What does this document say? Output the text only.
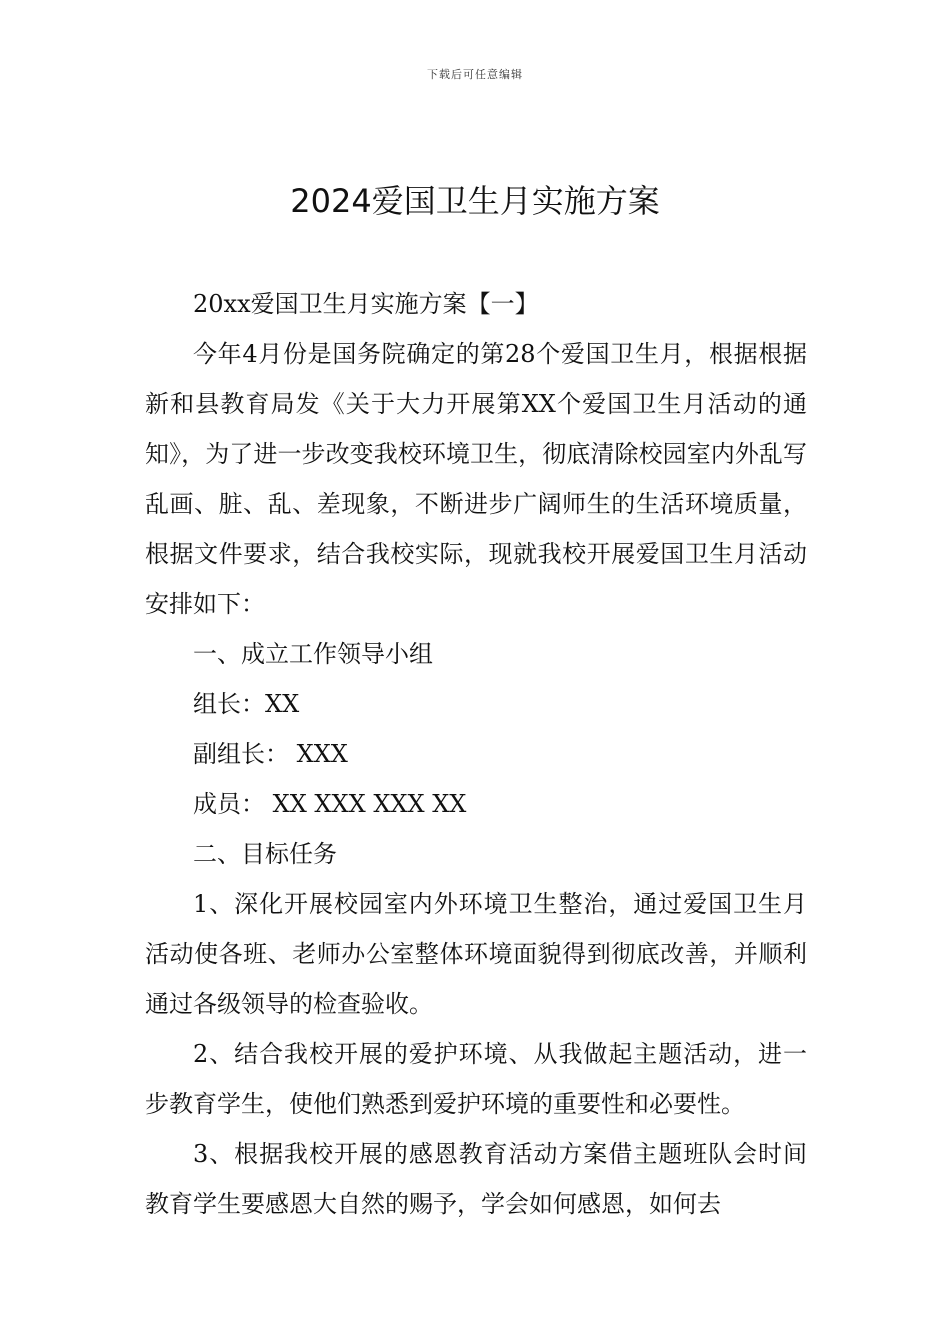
下载后可任意编辑
2024爱国卫生月实施方案

20xx爱国卫生月实施方案【一】

今年4月份是国务院确定的第28个爱国卫生月，根据根据新和县教育局发《关于大力开展第XX个爱国卫生月活动的通知》，为了进一步改变我校环境卫生，彻底清除校园室内外乱写乱画、脏、乱、差现象，不断进步广阔师生的生活环境质量，根据文件要求，结合我校实际，现就我校开展爱国卫生月活动安排如下：

一、成立工作领导小组

组长：XX

副组长： XXX

成员： XX XXX XXX XX

二、目标任务

1、深化开展校园室内外环境卫生整治，通过爱国卫生月活动使各班、老师办公室整体环境面貌得到彻底改善，并顺利通过各级领导的检查验收。

2、结合我校开展的爱护环境、从我做起主题活动，进一步教育学生，使他们熟悉到爱护环境的重要性和必要性。

3、根据我校开展的感恩教育活动方案借主题班队会时间教育学生要感恩大自然的赐予，学会如何感恩，如何去
